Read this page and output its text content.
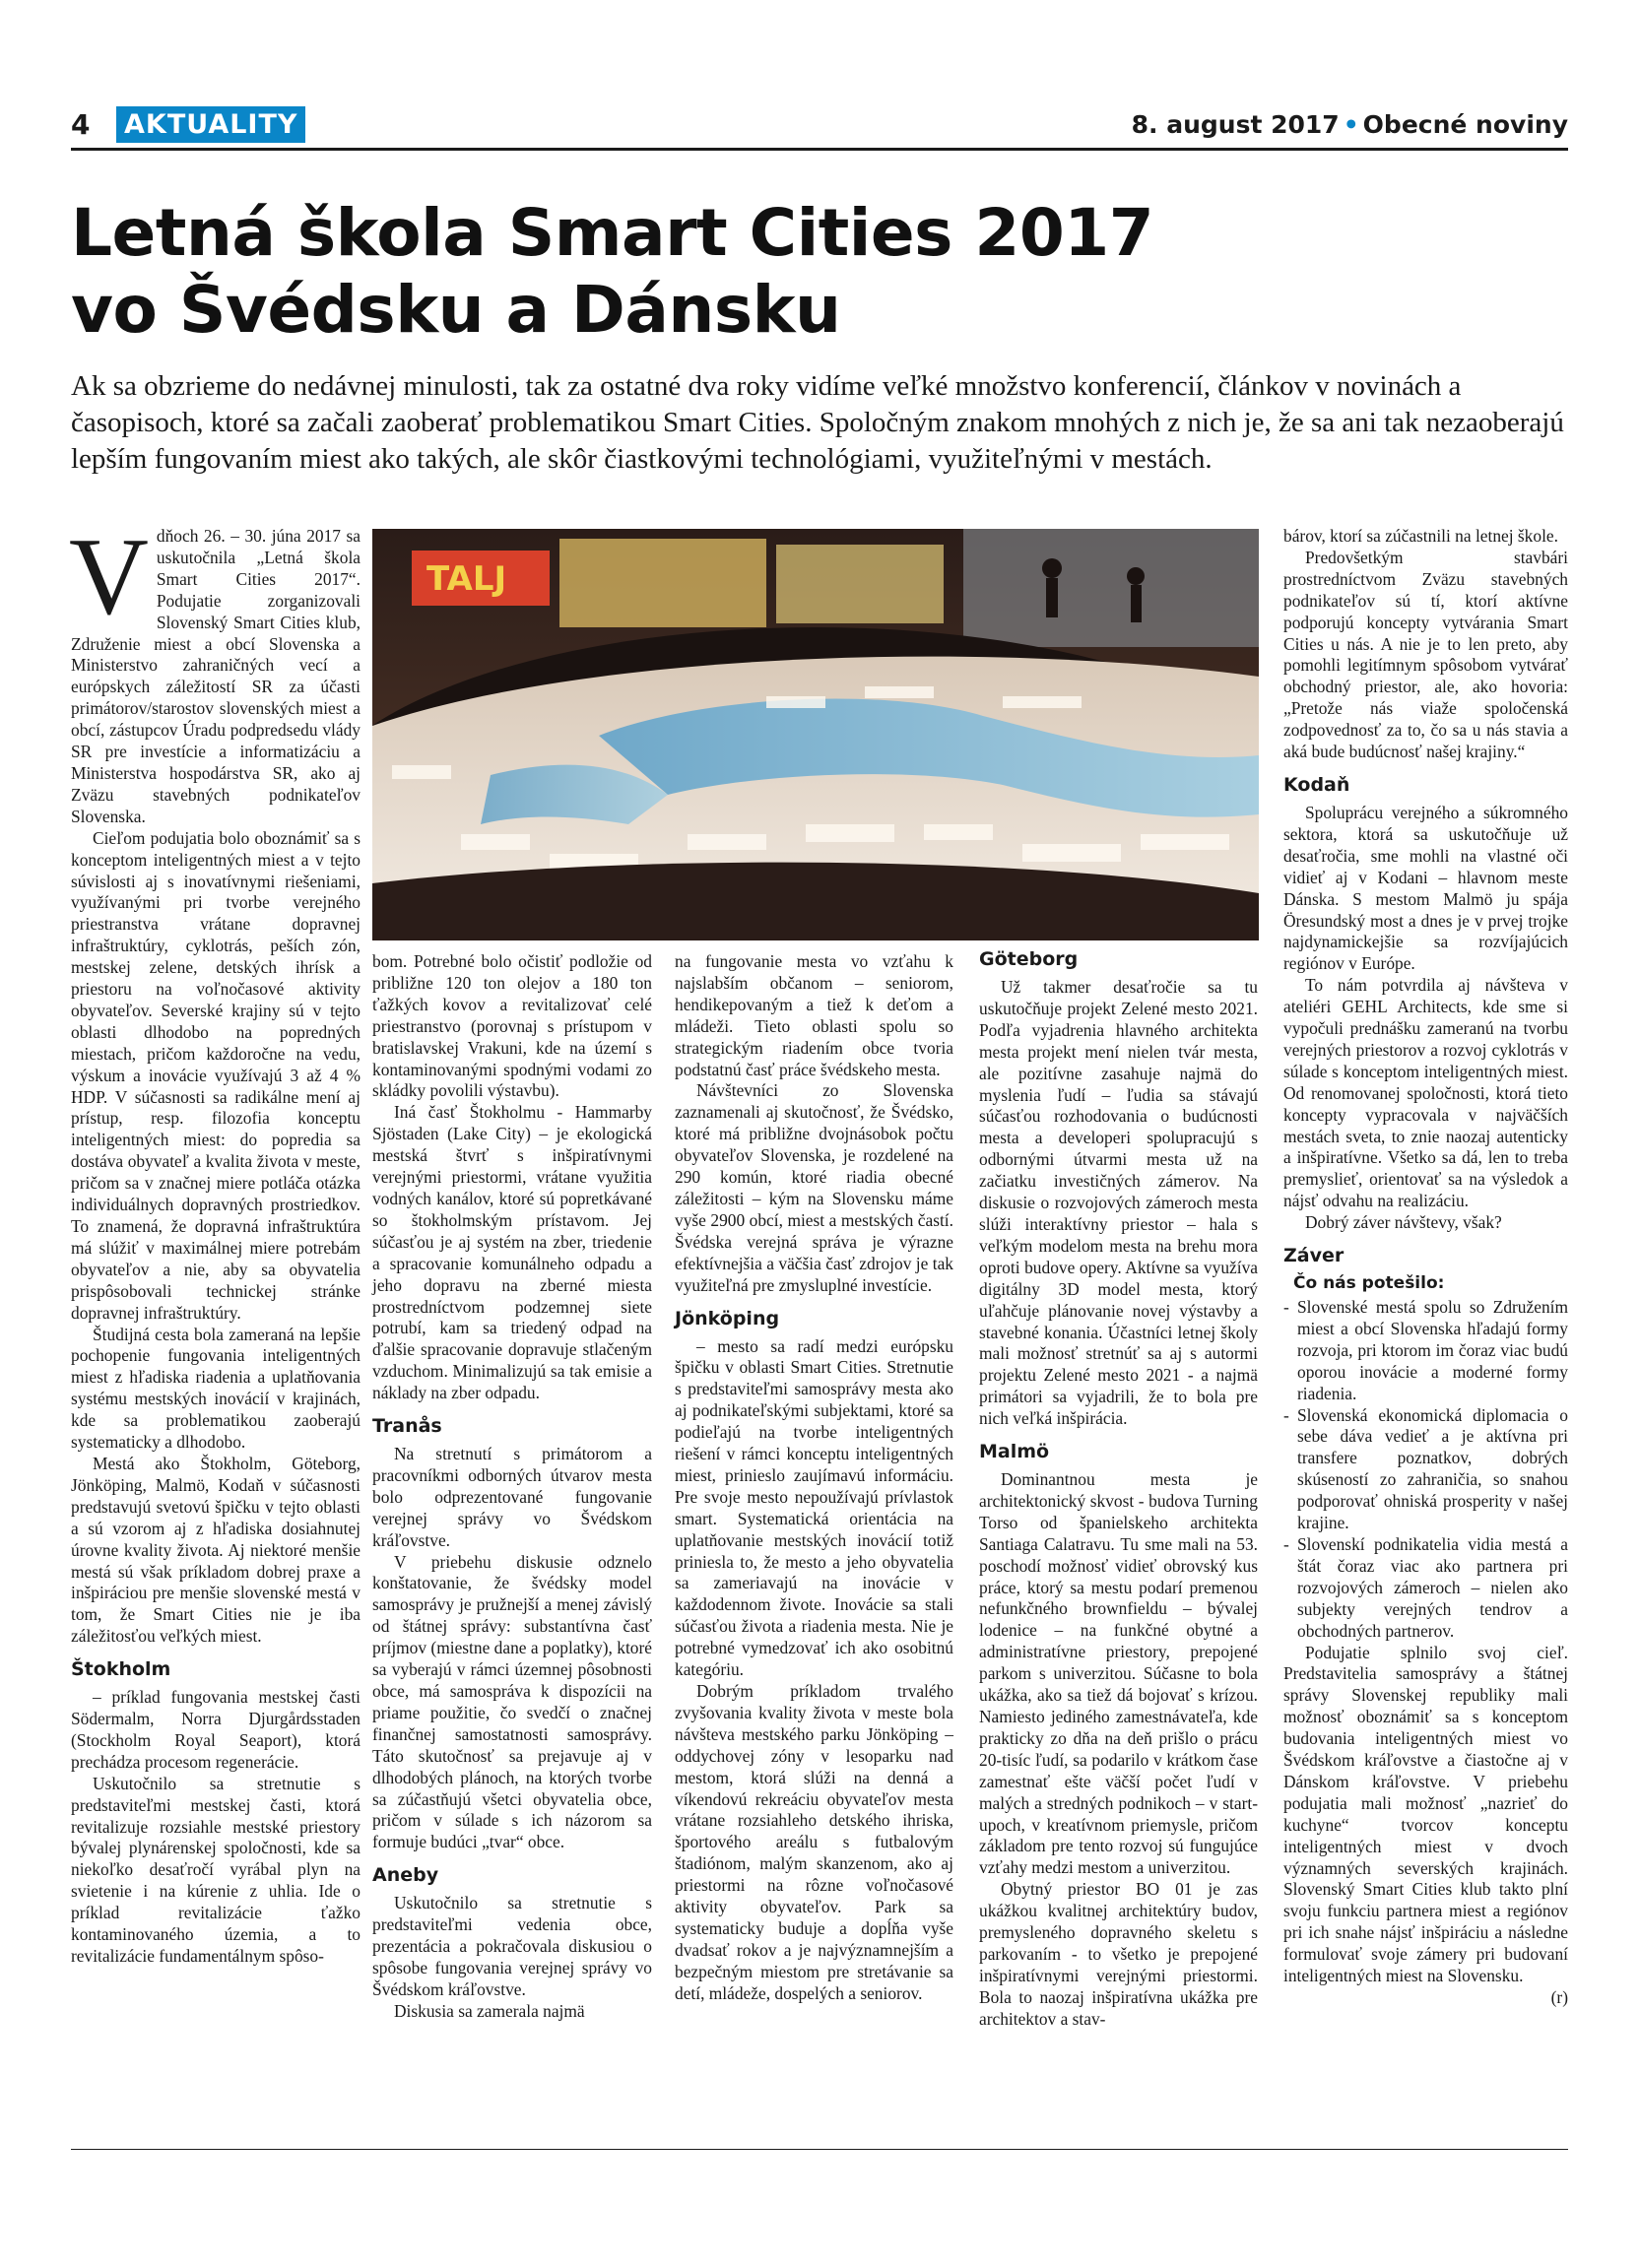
4 AKTUALITY	8. august 2017 • Obecné noviny
Letná škola Smart Cities 2017
vo Švédsku a Dánsku

Ak sa obzrieme do nedávnej minulosti, tak za ostatné dva roky vidíme veľké množstvo konferencií, článkov v novinách a časopisoch, ktoré sa začali zaoberať problematikou Smart Cities. Spoločným znakom mnohých z nich je, že sa ani tak nezaoberajú lepším fungovaním miest ako takých, ale skôr čiastkovými technológiami, využiteľnými v mestách.

V dňoch 26. – 30. júna 2017 sa uskutočnila „Letná škola Smart Cities 2017“. Podujatie zorganizovali Slovenský Smart Cities klub, Združenie miest a obcí Slovenska a Ministerstvo zahraničných vecí a európskych záležitostí SR za účasti primátorov/starostov slovenských miest a obcí, zástupcov Úradu podpredsedu vlády SR pre investície a informatizáciu a Ministerstva hospodárstva SR, ako aj Zväzu stavebných podnikateľov Slovenska.

Cieľom podujatia bolo oboznámiť sa s konceptom inteligentných miest a v tejto súvislosti aj s inovatívnymi riešeniami, využívanými pri tvorbe verejného priestranstva vrátane dopravnej infraštruktúry, cyklotrás, peších zón, mestskej zelene, detských ihrísk a priestoru na voľnočasové aktivity obyvateľov. Severské krajiny sú v tejto oblasti dlhodobo na popredných miestach, pričom každoročne na vedu, výskum a inovácie využívajú 3 až 4 % HDP. V súčasnosti sa radikálne mení aj prístup, resp. filozofia konceptu inteligentných miest: do popredia sa dostáva obyvateľ a kvalita života v meste, pričom sa v značnej miere potláča otázka individuálnych dopravných prostriedkov. To znamená, že dopravná infraštruktúra má slúžiť v maximálnej miere potrebám obyvateľov a nie, aby sa obyvatelia prispôsobovali technickej stránke dopravnej infraštruktúry.

Študijná cesta bola zameraná na lepšie pochopenie fungovania inteligentných miest z hľadiska riadenia a uplatňovania systému mestských inovácií v krajinách, kde sa problematikou zaoberajú systematicky a dlhodobo.

Mestá ako Štokholm, Göteborg, Jönköping, Malmö, Kodaň v súčasnosti predstavujú svetovú špičku v tejto oblasti a sú vzorom aj z hľadiska dosiahnutej úrovne kvality života. Aj niektoré menšie mestá sú však príkladom dobrej praxe a inšpiráciou pre menšie slovenské mestá v tom, že Smart Cities nie je iba záležitosťou veľkých miest.

Štokholm

– príklad fungovania mestskej časti Södermalm, Norra Djurgårdsstaden (Stockholm Royal Seaport), ktorá prechádza procesom regenerácie.

Uskutočnilo sa stretnutie s predstaviteľmi mestskej časti, ktorá revitalizuje rozsiahle mestské priestory bývalej plynárenskej spoločnosti, kde sa niekoľko desaťročí vyrábal plyn na svietenie i na kúrenie z uhlia. Ide o príklad revitalizácie ťažko kontaminovaného územia, a to revitalizácie fundamentálnym spôso-

TALJ

bom. Potrebné bolo očistiť podložie od približne 120 ton olejov a 180 ton ťažkých kovov a revitalizovať celé priestranstvo (porovnaj s prístupom v bratislavskej Vrakuni, kde na území s kontaminovanými spodnými vodami zo skládky povolili výstavbu).

Iná časť Štokholmu - Hammarby Sjöstaden (Lake City) – je ekologická mestská štvrť s inšpiratívnymi verejnými priestormi, vrátane využitia vodných kanálov, ktoré sú popretkávané so štokholmským prístavom. Jej súčasťou je aj systém na zber, triedenie a spracovanie komunálneho odpadu a jeho dopravu na zberné miesta prostredníctvom podzemnej siete potrubí, kam sa triedený odpad na ďalšie spracovanie dopravuje stlačeným vzduchom. Minimalizujú sa tak emisie a náklady na zber odpadu.

Tranås

Na stretnutí s primátorom a pracovníkmi odborných útvarov mesta bolo odprezentované fungovanie verejnej správy vo Švédskom kráľovstve.

V priebehu diskusie odznelo konštatovanie, že švédsky model samosprávy je pružnejší a menej závislý od štátnej správy: substantívna časť príjmov (miestne dane a poplatky), ktoré sa vyberajú v rámci územnej pôsobnosti obce, má samospráva k dispozícii na priame použitie, čo svedčí o značnej finančnej samostatnosti samosprávy. Táto skutočnosť sa prejavuje aj v dlhodobých plánoch, na ktorých tvorbe sa zúčastňujú všetci obyvatelia obce, pričom v súlade s ich názorom sa formuje budúci „tvar“ obce.

Aneby

Uskutočnilo sa stretnutie s predstaviteľmi vedenia obce, prezentácia a pokračovala diskusiou o spôsobe fungovania verejnej správy vo Švédskom kráľovstve.

Diskusia sa zamerala najmä

na fungovanie mesta vo vzťahu k najslabším občanom – seniorom, hendikepovaným a tiež k deťom a mládeži. Tieto oblasti spolu so strategickým riadením obce tvoria podstatnú časť práce švédskeho mesta.

Návštevníci zo Slovenska zaznamenali aj skutočnosť, že Švédsko, ktoré má približne dvojnásobok počtu obyvateľov Slovenska, je rozdelené na 290 komún, ktoré riadia obecné záležitosti – kým na Slovensku máme vyše 2900 obcí, miest a mestských častí. Švédska verejná správa je výrazne efektívnejšia a väčšia časť zdrojov je tak využiteľná pre zmysluplné investície.

Jönköping

– mesto sa radí medzi európsku špičku v oblasti Smart Cities. Stretnutie s predstaviteľmi samosprávy mesta ako aj podnikateľskými subjektami, ktoré sa podieľajú na tvorbe inteligentných riešení v rámci konceptu inteligentných miest, prinieslo zaujímavú informáciu. Pre svoje mesto nepoužívajú prívlastok smart. Systematická orientácia na uplatňovanie mestských inovácií totiž priniesla to, že mesto a jeho obyvatelia sa zameriavajú na inovácie v každodennom živote. Inovácie sa stali súčasťou života a riadenia mesta. Nie je potrebné vymedzovať ich ako osobitnú kategóriu.

Dobrým príkladom trvalého zvyšovania kvality života v meste bola návšteva mestského parku Jönköping – oddychovej zóny v lesoparku nad mestom, ktorá slúži na denná a víkendovú rekreáciu obyvateľov mesta vrátane rozsiahleho detského ihriska, športového areálu s futbalovým štadiónom, malým skanzenom, ako aj priestormi na rôzne voľnočasové aktivity obyvateľov. Park sa systematicky buduje a dopĺňa vyše dvadsať rokov a je najvýznamnejším a bezpečným miestom pre stretávanie sa detí, mládeže, dospelých a seniorov.

Göteborg

Už takmer desaťročie sa tu uskutočňuje projekt Zelené mesto 2021. Podľa vyjadrenia hlavného architekta mesta projekt mení nielen tvár mesta, ale pozitívne zasahuje najmä do myslenia ľudí – ľudia sa stávajú súčasťou rozhodovania o budúcnosti mesta a developeri spolupracujú s odbornými útvarmi mesta už na začiatku investičných zámerov. Na diskusie o rozvojových zámeroch mesta slúži interaktívny priestor – hala s veľkým modelom mesta na brehu mora oproti budove opery. Aktívne sa využíva digitálny 3D model mesta, ktorý uľahčuje plánovanie novej výstavby a stavebné konania. Účastníci letnej školy mali možnosť stretnúť sa aj s autormi projektu Zelené mesto 2021 - a najmä primátori sa vyjadrili, že to bola pre nich veľká inšpirácia.

Malmö

Dominantnou mesta je architektonický skvost - budova Turning Torso od španielskeho architekta Santiaga Calatravu. Tu sme mali na 53. poschodí možnosť vidieť obrovský kus práce, ktorý sa mestu podarí premenou nefunkčného brownfieldu – bývalej lodenice – na funkčné obytné a administratívne priestory, prepojené parkom s univerzitou. Súčasne to bola ukážka, ako sa tiež dá bojovať s krízou. Namiesto jediného zamestnávateľa, kde prakticky zo dňa na deň prišlo o prácu 20-tisíc ľudí, sa podarilo v krátkom čase zamestnať ešte väčší počet ľudí v malých a stredných podnikoch – v start-upoch, v kreatívnom priemysle, pričom základom pre tento rozvoj sú fungujúce vzťahy medzi mestom a univerzitou.

Obytný priestor BO 01 je zas ukážkou kvalitnej architektúry budov, premysleného dopravného skeletu s parkovaním - to všetko je prepojené inšpiratívnymi verejnými priestormi. Bola to naozaj inšpiratívna ukážka pre architektov a stav-

bárov, ktorí sa zúčastnili na letnej škole.

Predovšetkým stavbári prostredníctvom Zväzu stavebných podnikateľov sú tí, ktorí aktívne podporujú koncepty vytvárania Smart Cities u nás. A nie je to len preto, aby pomohli legitímnym spôsobom vytvárať obchodný priestor, ale, ako hovoria: „Pretože nás viaže spoločenská zodpovednosť za to, čo sa u nás stavia a aká bude budúcnosť našej krajiny.“

Kodaň

Spoluprácu verejného a súkromného sektora, ktorá sa uskutočňuje už desaťročia, sme mohli na vlastné oči vidieť aj v Kodani – hlavnom meste Dánska. S mestom Malmö ju spája Öresundský most a dnes je v prvej trojke najdynamickejšie sa rozvíjajúcich regiónov v Európe.

To nám potvrdila aj návšteva v ateliéri GEHL Architects, kde sme si vypočuli prednášku zameranú na tvorbu verejných priestorov a rozvoj cyklotrás v súlade s konceptom inteligentných miest. Od renomovanej spoločnosti, ktorá tieto koncepty vypracovala v najväčších mestách sveta, to znie naozaj autenticky a inšpiratívne. Všetko sa dá, len to treba premyslieť, orientovať sa na výsledok a nájsť odvahu na realizáciu.

Dobrý záver návštevy, však?

Záver
Čo nás potešilo:

- Slovenské mestá spolu so Združením miest a obcí Slovenska hľadajú formy rozvoja, pri ktorom im čoraz viac budú oporou inovácie a moderné formy riadenia.

- Slovenská ekonomická diplomacia o sebe dáva vedieť a je aktívna pri transfere poznatkov, dobrých skúseností zo zahraničia, so snahou podporovať ohniská prosperity v našej krajine.

- Slovenskí podnikatelia vidia mestá a štát čoraz viac ako partnera pri rozvojových zámeroch – nielen ako subjekty verejných tendrov a obchodných partnerov.

Podujatie splnilo svoj cieľ. Predstavitelia samosprávy a štátnej správy Slovenskej republiky mali možnosť oboznámiť sa s konceptom budovania inteligentných miest vo Švédskom kráľovstve a čiastočne aj v Dánskom kráľovstve. V priebehu podujatia mali možnosť „nazrieť do kuchyne“ tvorcov konceptu inteligentných miest v dvoch významných severských krajinách. Slovenský Smart Cities klub takto plní svoju funkciu partnera miest a regiónov pri ich snahe nájsť inšpiráciu a následne formulovať svoje zámery pri budovaní inteligentných miest na Slovensku.

(r)
